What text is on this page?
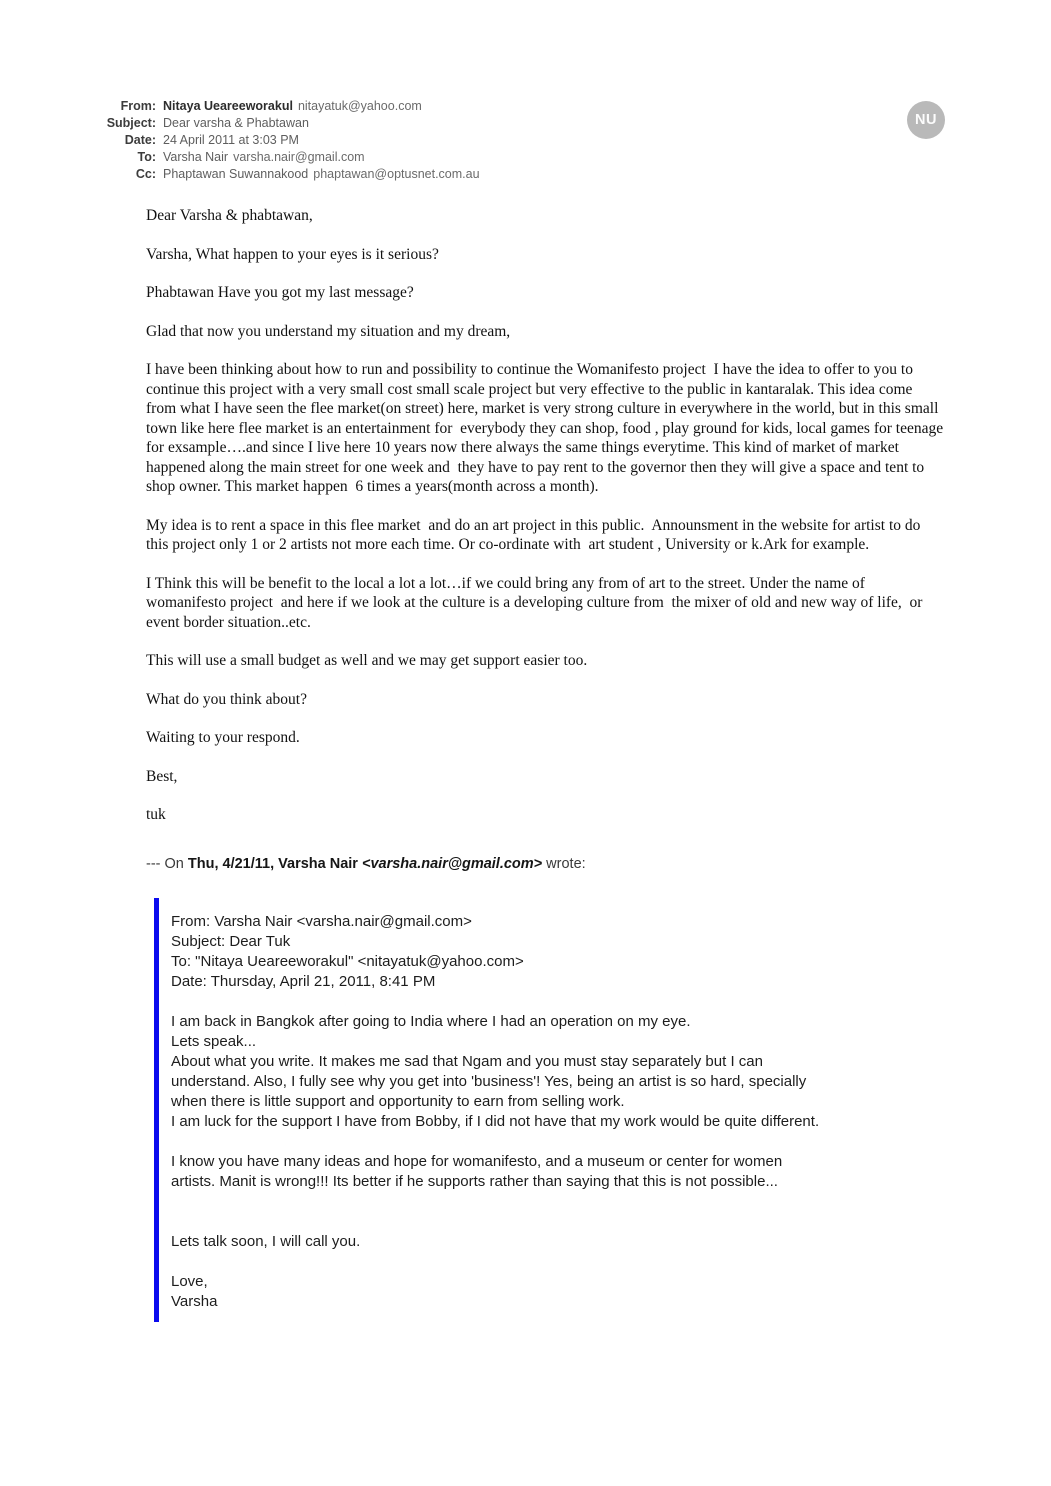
From: Nitaya Ueareeworakul nitayatuk@yahoo.com
Subject: Dear varsha & Phabtawan
Date: 24 April 2011 at 3:03 PM
To: Varsha Nair varsha.nair@gmail.com
Cc: Phaptawan Suwannakood phaptawan@optusnet.com.au
NU

Dear Varsha & phabtawan,

Varsha, What happen to your eyes is it serious?

Phabtawan Have you got my last message?

Glad that now you understand my situation and my dream,

I have been thinking about how to run and possibility to continue the Womanifesto project  I have the idea to offer to you to continue this project with a very small cost small scale project but very effective to the public in kantaralak. This idea come from what I have seen the flee market(on street) here, market is very strong culture in everywhere in the world, but in this small town like here flee market is an entertainment for  everybody they can shop, food , play ground for kids, local games for teenage for exsample….and since I live here 10 years now there always the same things everytime. This kind of market of market happened along the main street for one week and  they have to pay rent to the governor then they will give a space and tent to shop owner. This market happen  6 times a years(month across a month).

My idea is to rent a space in this flee market  and do an art project in this public.  Announsment in the website for artist to do this project only 1 or 2 artists not more each time. Or co-ordinate with  art student , University or k.Ark for example.

I Think this will be benefit to the local a lot a lot…if we could bring any from of art to the street. Under the name of womanifesto project  and here if we look at the culture is a developing culture from  the mixer of old and new way of life,  or event border situation..etc.

This will use a small budget as well and we may get support easier too.

What do you think about?

Waiting to your respond.

Best,

tuk

--- On Thu, 4/21/11, Varsha Nair <varsha.nair@gmail.com> wrote:
From: Varsha Nair <varsha.nair@gmail.com>
Subject: Dear Tuk
To: "Nitaya Ueareeworakul" <nitayatuk@yahoo.com>
Date: Thursday, April 21, 2011, 8:41 PM
I am back in Bangkok after going to India where I had an operation on my eye.
Lets speak...
About what you write. It makes me sad that Ngam and you must stay separately but I can
understand. Also, I fully see why you get into 'business'! Yes, being an artist is so hard, specially
when there is little support and opportunity to earn from selling work.
I am luck for the support I have from Bobby, if I did not have that my work would be quite different.
I know you have many ideas and hope for womanifesto, and a museum or center for women
artists. Manit is wrong!!! Its better if he supports rather than saying that this is not possible...
Lets talk soon, I will call you.
Love,
Varsha
